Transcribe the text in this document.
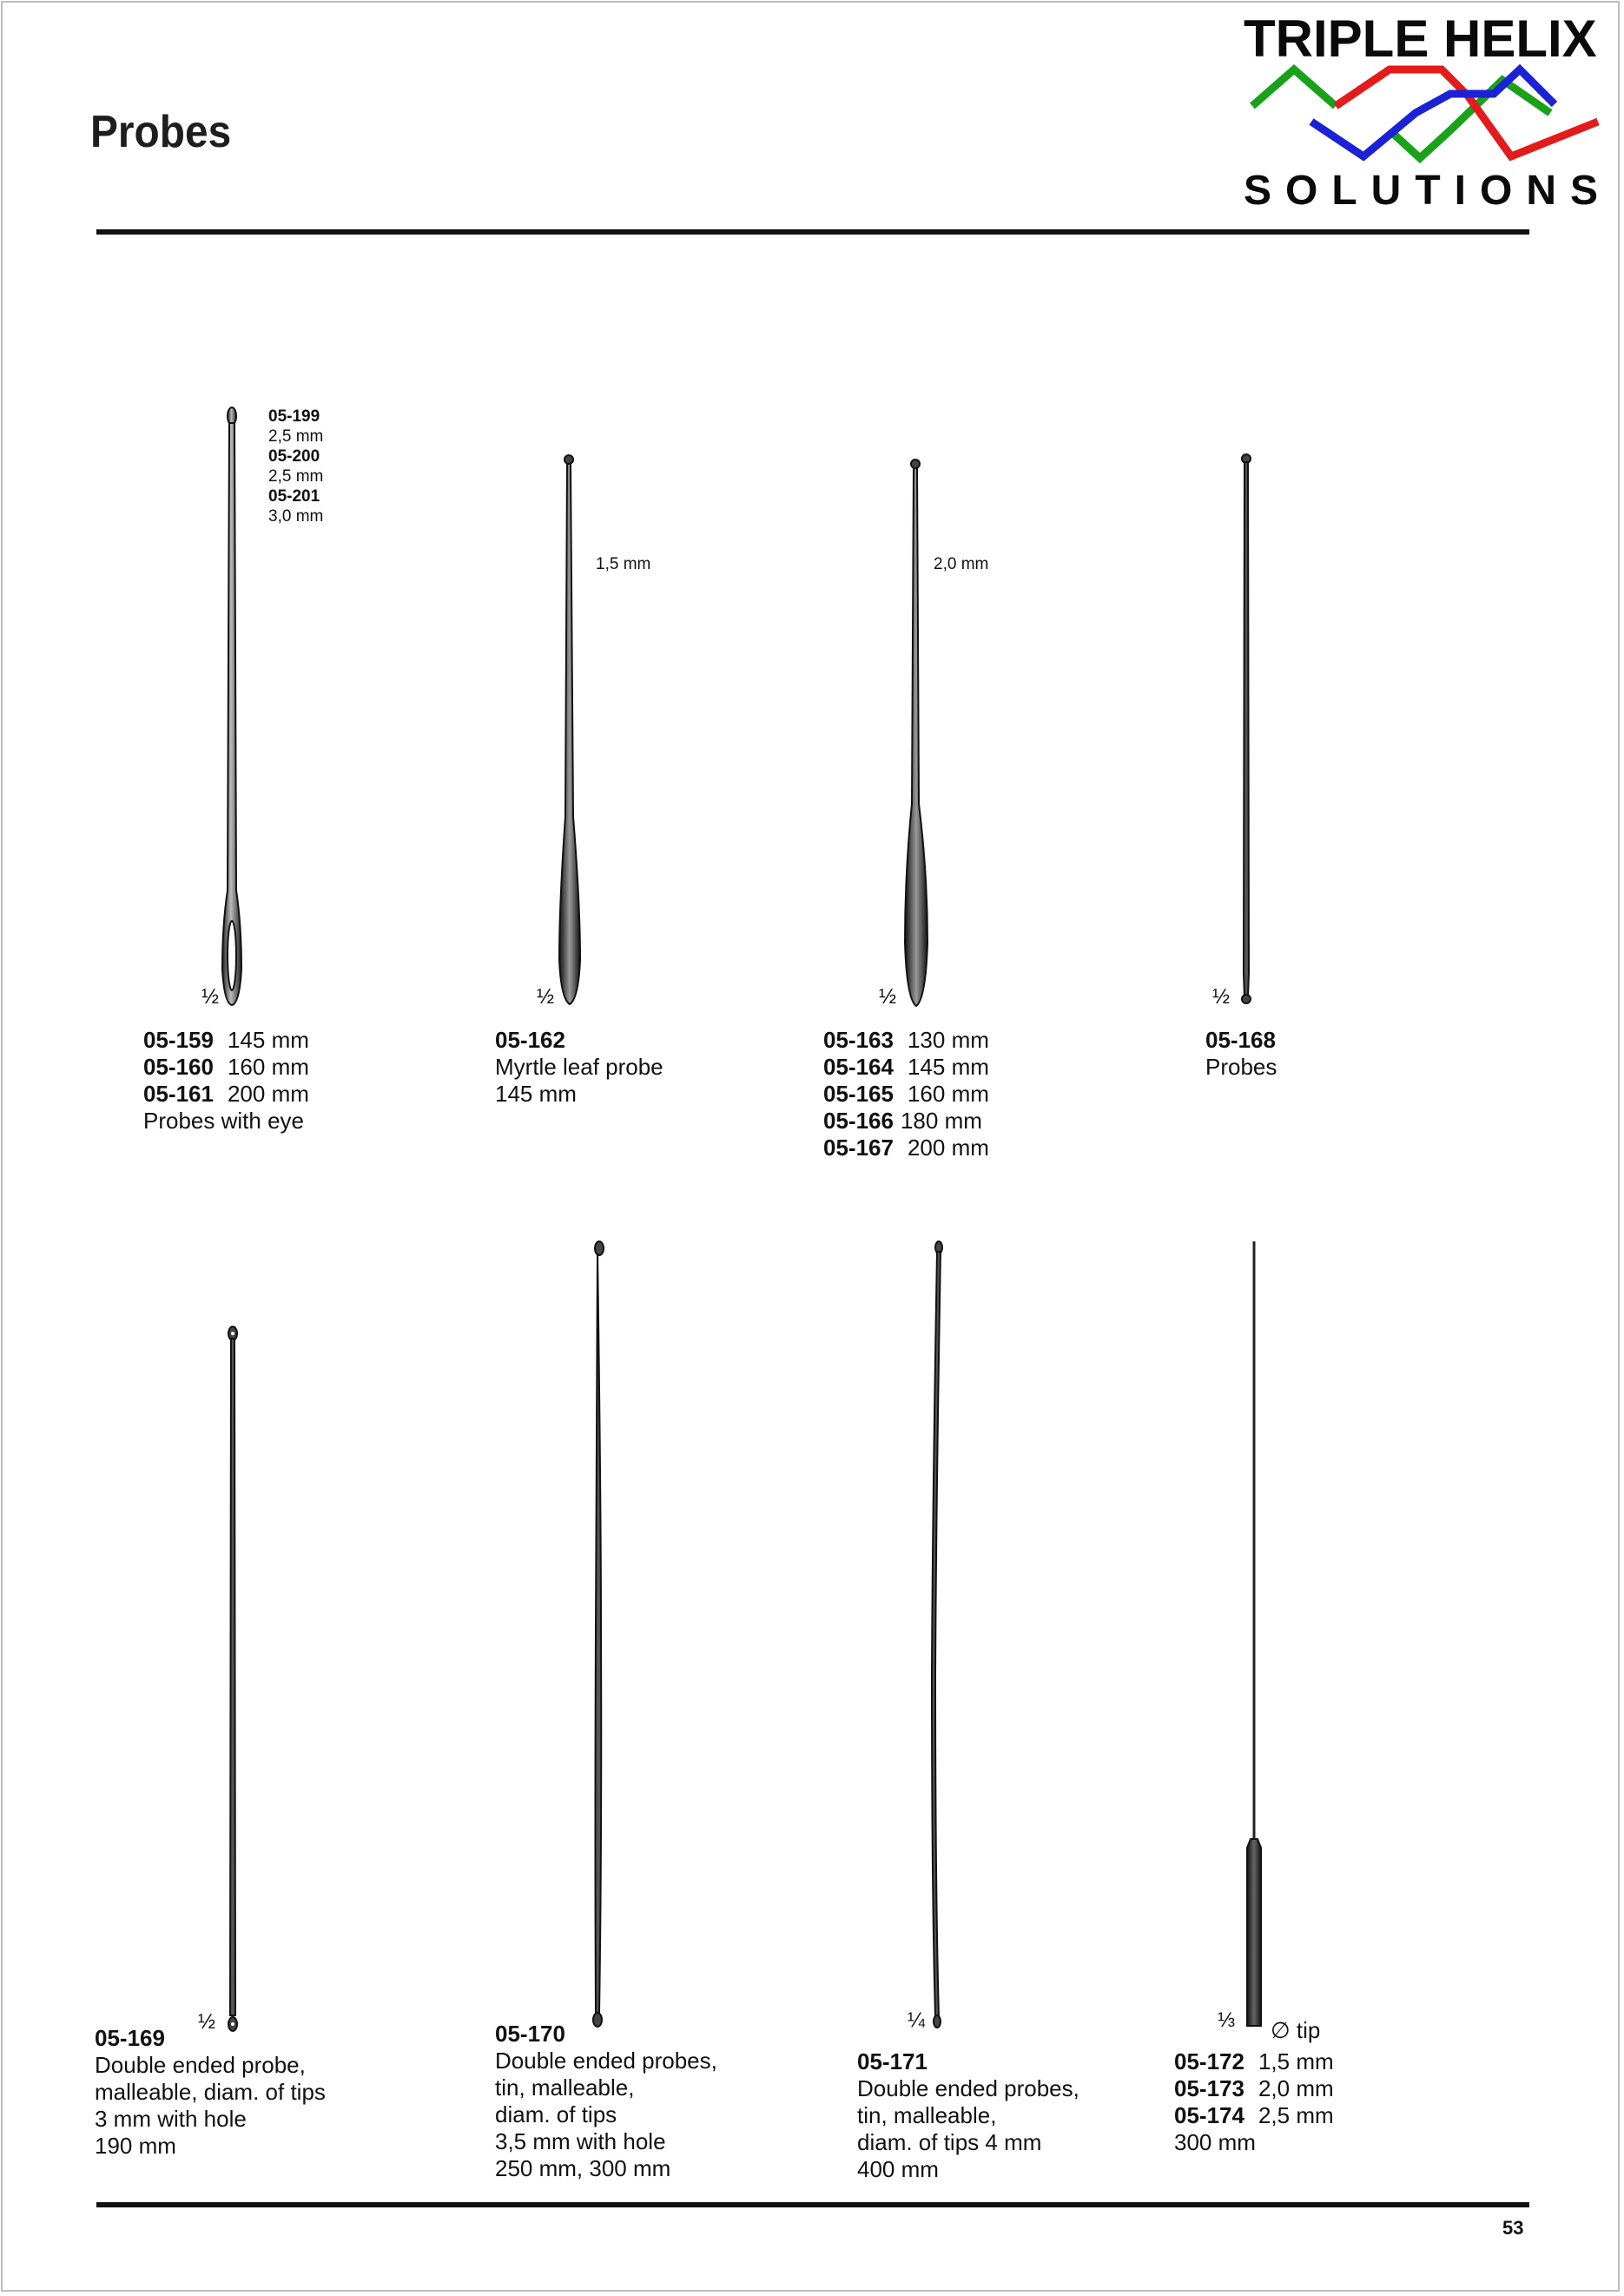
Probes
TRIPLE HELIX
SOLUTIONS
05-199
2,5 mm
05-200
2,5 mm
05-201
3,0 mm
½
05-159 145 mm
05-160 160 mm
05-161 200 mm
Probes with eye
1,5 mm
½
05-162
Myrtle leaf probe
145 mm
2,0 mm
½
05-163 130 mm
05-164 145 mm
05-165 160 mm
05-166 180 mm
05-167 200 mm
½
05-168
Probes
½
05-169
Double ended probe,
malleable, diam. of tips
3 mm with hole
190 mm
05-170
Double ended probes,
tin, malleable,
diam. of tips
3,5 mm with hole
250 mm, 300 mm
¼
05-171
Double ended probes,
tin, malleable,
diam. of tips 4 mm
400 mm
⅓ ∅ tip
05-172 1,5 mm
05-173 2,0 mm
05-174 2,5 mm
300 mm
53
